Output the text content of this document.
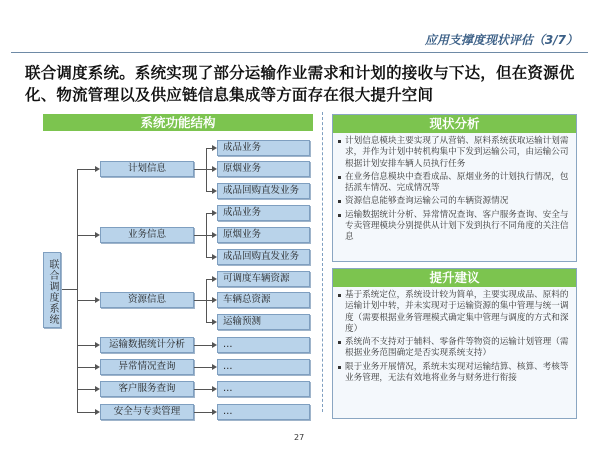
应用支撑度现状评估（3/7）
联合调度系统。系统实现了部分运输作业需求和计划的接收与下达，但在资源优化、物流管理以及供应链信息集成等方面存在很大提升空间
系统功能结构
联合调度系统
计划信息
业务信息
资源信息
运输数据统计分析
异常情况查询
客户服务查询
安全与专卖管理
成品业务
原烟业务
成品回购直发业务
成品业务
原烟业务
成品回购直发业务
可调度车辆资源
车辆总资源
运输预测
…
…
…
…
现状分析
计划信息模块主要实现了从营销、原料系统获取运输计划需求，并作为计划中转机构集中下发到运输公司，由运输公司根据计划安排车辆人员执行任务
在业务信息模块中查看成品、原烟业务的计划执行情况，包括派车情况、完成情况等
资源信息能够查询运输公司的车辆资源情况
运输数据统计分析、异常情况查询、客户服务查询、安全与专卖管理模块分别提供从计划下发到执行不同角度的关注信息
提升建议
基于系统定位，系统设计较为简单，主要实现成品、原料的运输计划中转，并未实现对于运输资源的集中管理与统一调度（需要根据业务管理模式确定集中管理与调度的方式和深度）
系统尚不支持对于辅料、零备件等物资的运输计划管理（需根据业务范围确定是否实现系统支持）
限于业务开展情况，系统未实现对运输结算、核算、考核等业务管理，无法有效地将业务与财务进行衔接
27
